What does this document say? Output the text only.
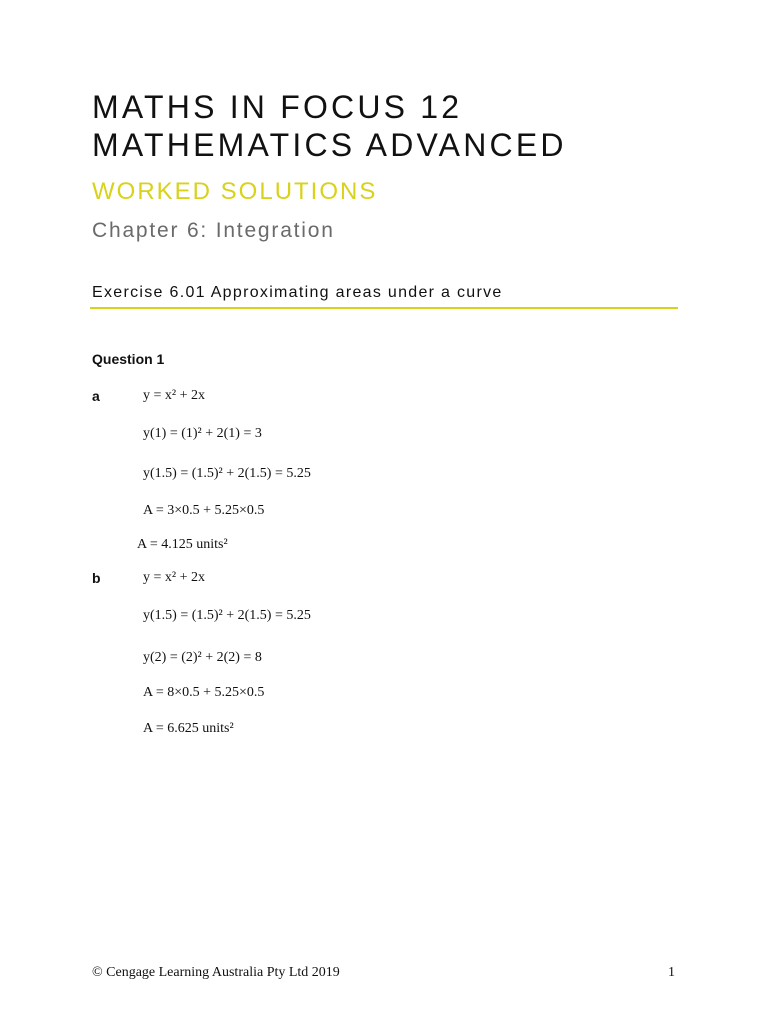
MATHS IN FOCUS 12
MATHEMATICS ADVANCED
WORKED SOLUTIONS
Chapter 6: Integration
Exercise 6.01 Approximating areas under a curve
Question 1
a	y = x² + 2x
y(1) = (1)² + 2(1) = 3
y(1.5) = (1.5)² + 2(1.5) = 5.25
A = 3×0.5 + 5.25×0.5
A = 4.125 units²
b	y = x² + 2x
y(1.5) = (1.5)² + 2(1.5) = 5.25
y(2) = (2)² + 2(2) = 8
A = 8×0.5 + 5.25×0.5
A = 6.625 units²
© Cengage Learning Australia Pty Ltd 2019	1
